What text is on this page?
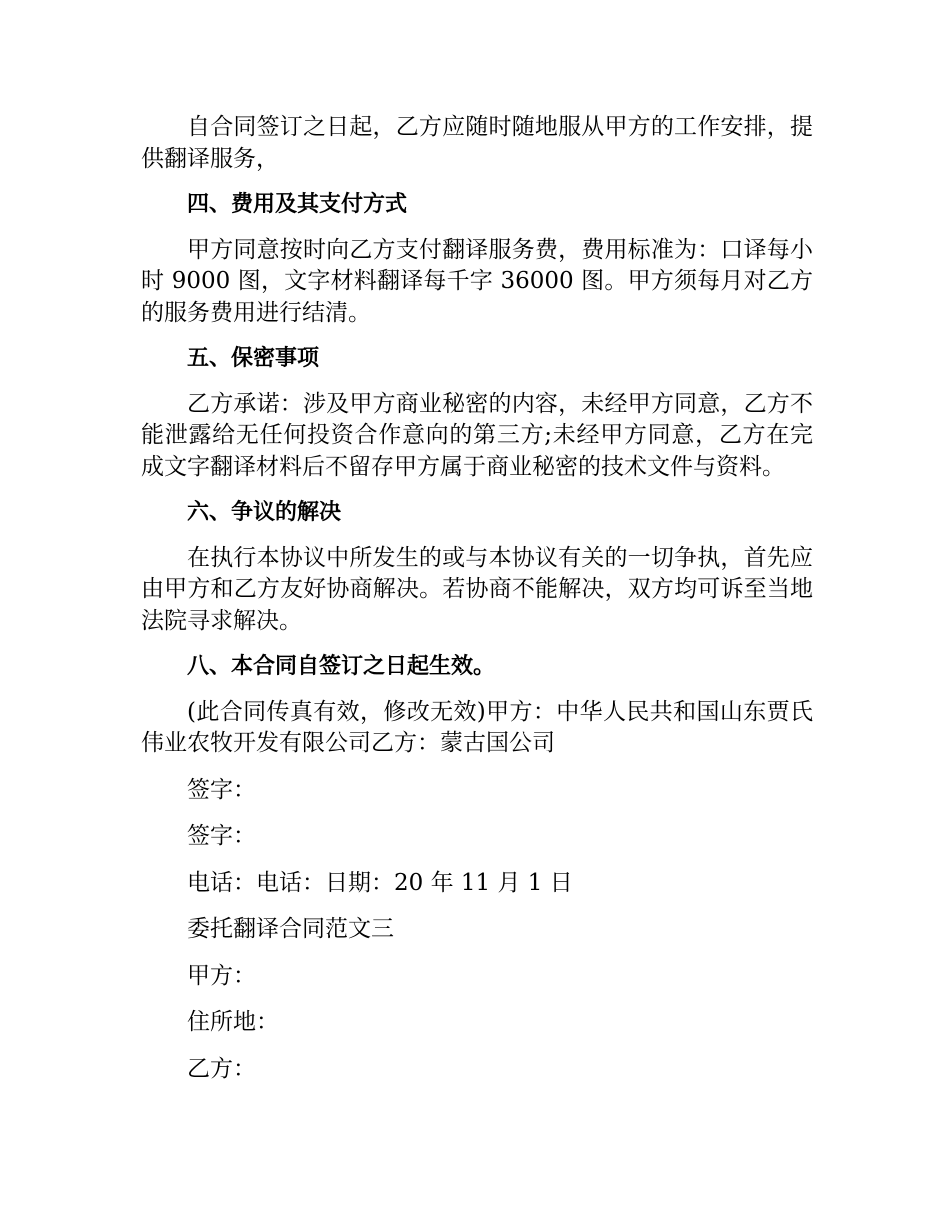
自合同签订之日起，乙方应随时随地服从甲方的工作安排，提供翻译服务，

四、费用及其支付方式

甲方同意按时向乙方支付翻译服务费，费用标准为：口译每小时 9000 图，文字材料翻译每千字 36000 图。甲方须每月对乙方的服务费用进行结清。

五、保密事项

乙方承诺：涉及甲方商业秘密的内容，未经甲方同意，乙方不能泄露给无任何投资合作意向的第三方;未经甲方同意，乙方在完成文字翻译材料后不留存甲方属于商业秘密的技术文件与资料。

六、争议的解决

在执行本协议中所发生的或与本协议有关的一切争执，首先应由甲方和乙方友好协商解决。若协商不能解决，双方均可诉至当地法院寻求解决。

八、本合同自签订之日起生效。

(此合同传真有效，修改无效)甲方：中华人民共和国山东贾氏伟业农牧开发有限公司乙方：蒙古国公司

签字：

签字：

电话：电话：日期：20 年 11 月 1 日

委托翻译合同范文三

甲方：

住所地：

乙方：
